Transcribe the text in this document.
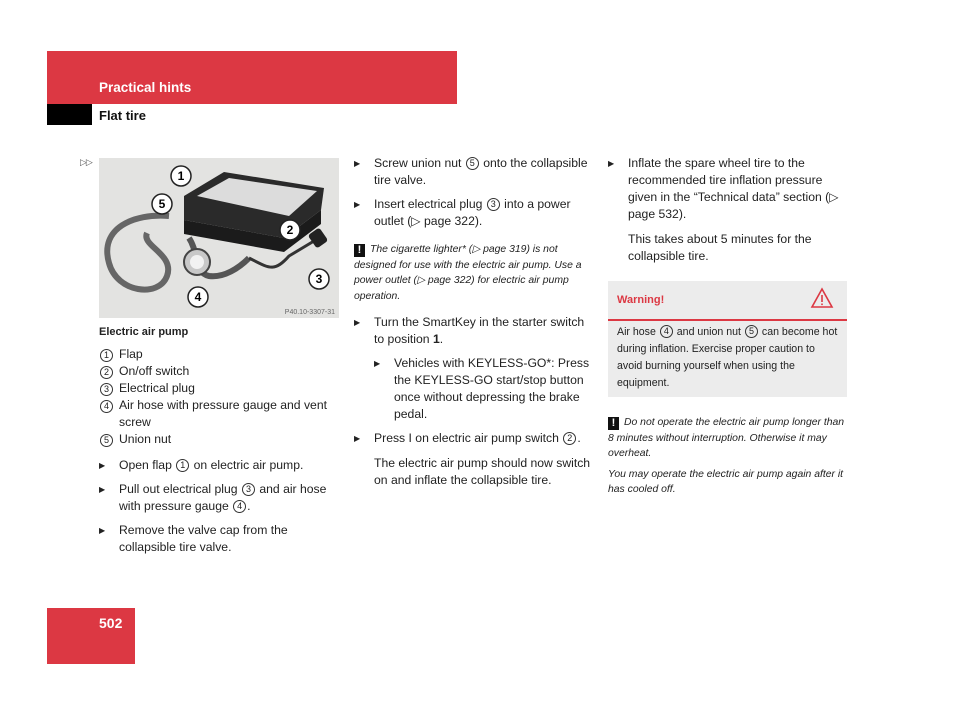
Practical hints
Flat tire
▷▷
1
5
2
3
4
P40.10-3307-31
Electric air pump
1 Flap
2 On/off switch
3 Electrical plug
4 Air hose with pressure gauge and vent screw
5 Union nut
▶ Open flap 1 on electric air pump.
▶ Pull out electrical plug 3 and air hose with pressure gauge 4 .
▶ Remove the valve cap from the collapsible tire valve.
▶ Screw union nut 5 onto the collapsible tire valve.
▶ Insert electrical plug 3 into a power outlet (▷ page 322).
! The cigarette lighter* (▷ page 319) is not designed for use with the electric air pump. Use a power outlet (▷ page 322) for electric air pump operation.
▶ Turn the SmartKey in the starter switch to position 1.
▶ Vehicles with KEYLESS-GO*: Press the KEYLESS-GO start/stop button once without depressing the brake pedal.
▶ Press I on electric air pump switch 2 .
The electric air pump should now switch on and inflate the collapsible tire.
▶ Inflate the spare wheel tire to the recommended tire inflation pressure given in the “Technical data” section (▷ page 532).
This takes about 5 minutes for the collapsible tire.
Warning!
Air hose 4 and union nut 5 can become hot during inflation. Exercise proper caution to avoid burning yourself when using the equipment.
! Do not operate the electric air pump longer than 8 minutes without interruption. Otherwise it may overheat.
You may operate the electric air pump again after it has cooled off.
502
